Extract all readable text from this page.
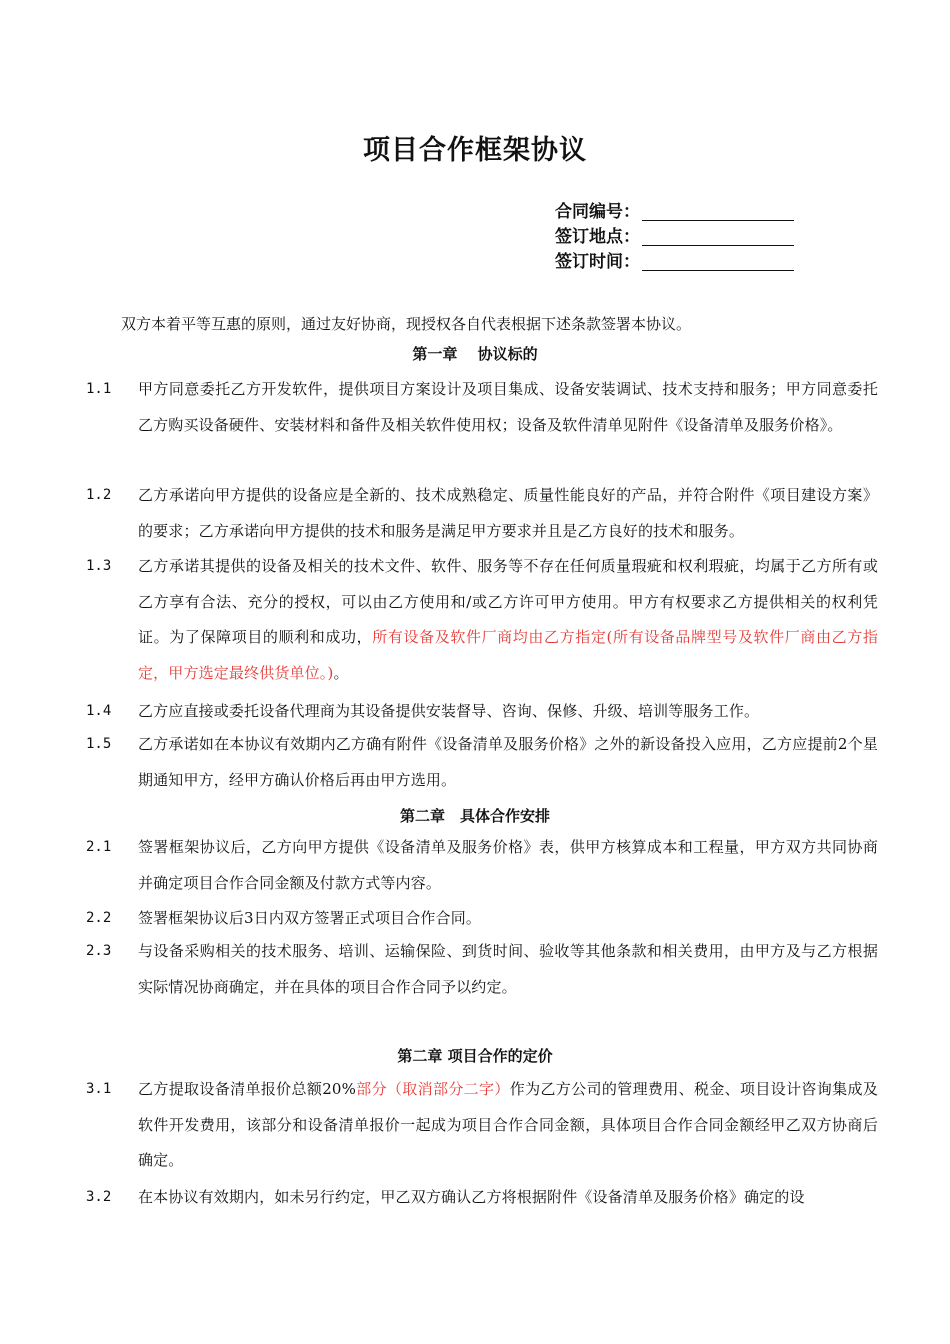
项目合作框架协议
合同编号：
签订地点：
签订时间：
双方本着平等互惠的原则，通过友好协商，现授权各自代表根据下述条款签署本协议。
第一章　 协议标的
1.1	甲方同意委托乙方开发软件，提供项目方案设计及项目集成、设备安装调试、技术支持和服务；甲方同意委托乙方购买设备硬件、安装材料和备件及相关软件使用权；设备及软件清单见附件《设备清单及服务价格》。
1.2	乙方承诺向甲方提供的设备应是全新的、技术成熟稳定、质量性能良好的产品，并符合附件《项目建设方案》的要求；乙方承诺向甲方提供的技术和服务是满足甲方要求并且是乙方良好的技术和服务。
1.3	乙方承诺其提供的设备及相关的技术文件、软件、服务等不存在任何质量瑕疵和权利瑕疵，均属于乙方所有或乙方享有合法、充分的授权，可以由乙方使用和/或乙方许可甲方使用。甲方有权要求乙方提供相关的权利凭证。为了保障项目的顺利和成功，所有设备及软件厂商均由乙方指定(所有设备品牌型号及软件厂商由乙方指定，甲方选定最终供货单位。)。
1.4	乙方应直接或委托设备代理商为其设备提供安装督导、咨询、保修、升级、培训等服务工作。
1.5	乙方承诺如在本协议有效期内乙方确有附件《设备清单及服务价格》之外的新设备投入应用，乙方应提前2个星期通知甲方，经甲方确认价格后再由甲方选用。
第二章　具体合作安排
2.1	签署框架协议后，乙方向甲方提供《设备清单及服务价格》表，供甲方核算成本和工程量，甲方双方共同协商并确定项目合作合同金额及付款方式等内容。
2.2	签署框架协议后3日内双方签署正式项目合作合同。
2.3	与设备采购相关的技术服务、培训、运输保险、到货时间、验收等其他条款和相关费用，由甲方及与乙方根据实际情况协商确定，并在具体的项目合作合同予以约定。
第二章 项目合作的定价
3.1	乙方提取设备清单报价总额20%部分（取消部分二字）作为乙方公司的管理费用、税金、项目设计咨询集成及软件开发费用，该部分和设备清单报价一起成为项目合作合同金额，具体项目合作合同金额经甲乙双方协商后确定。
3.2	在本协议有效期内，如未另行约定，甲乙双方确认乙方将根据附件《设备清单及服务价格》确定的设
